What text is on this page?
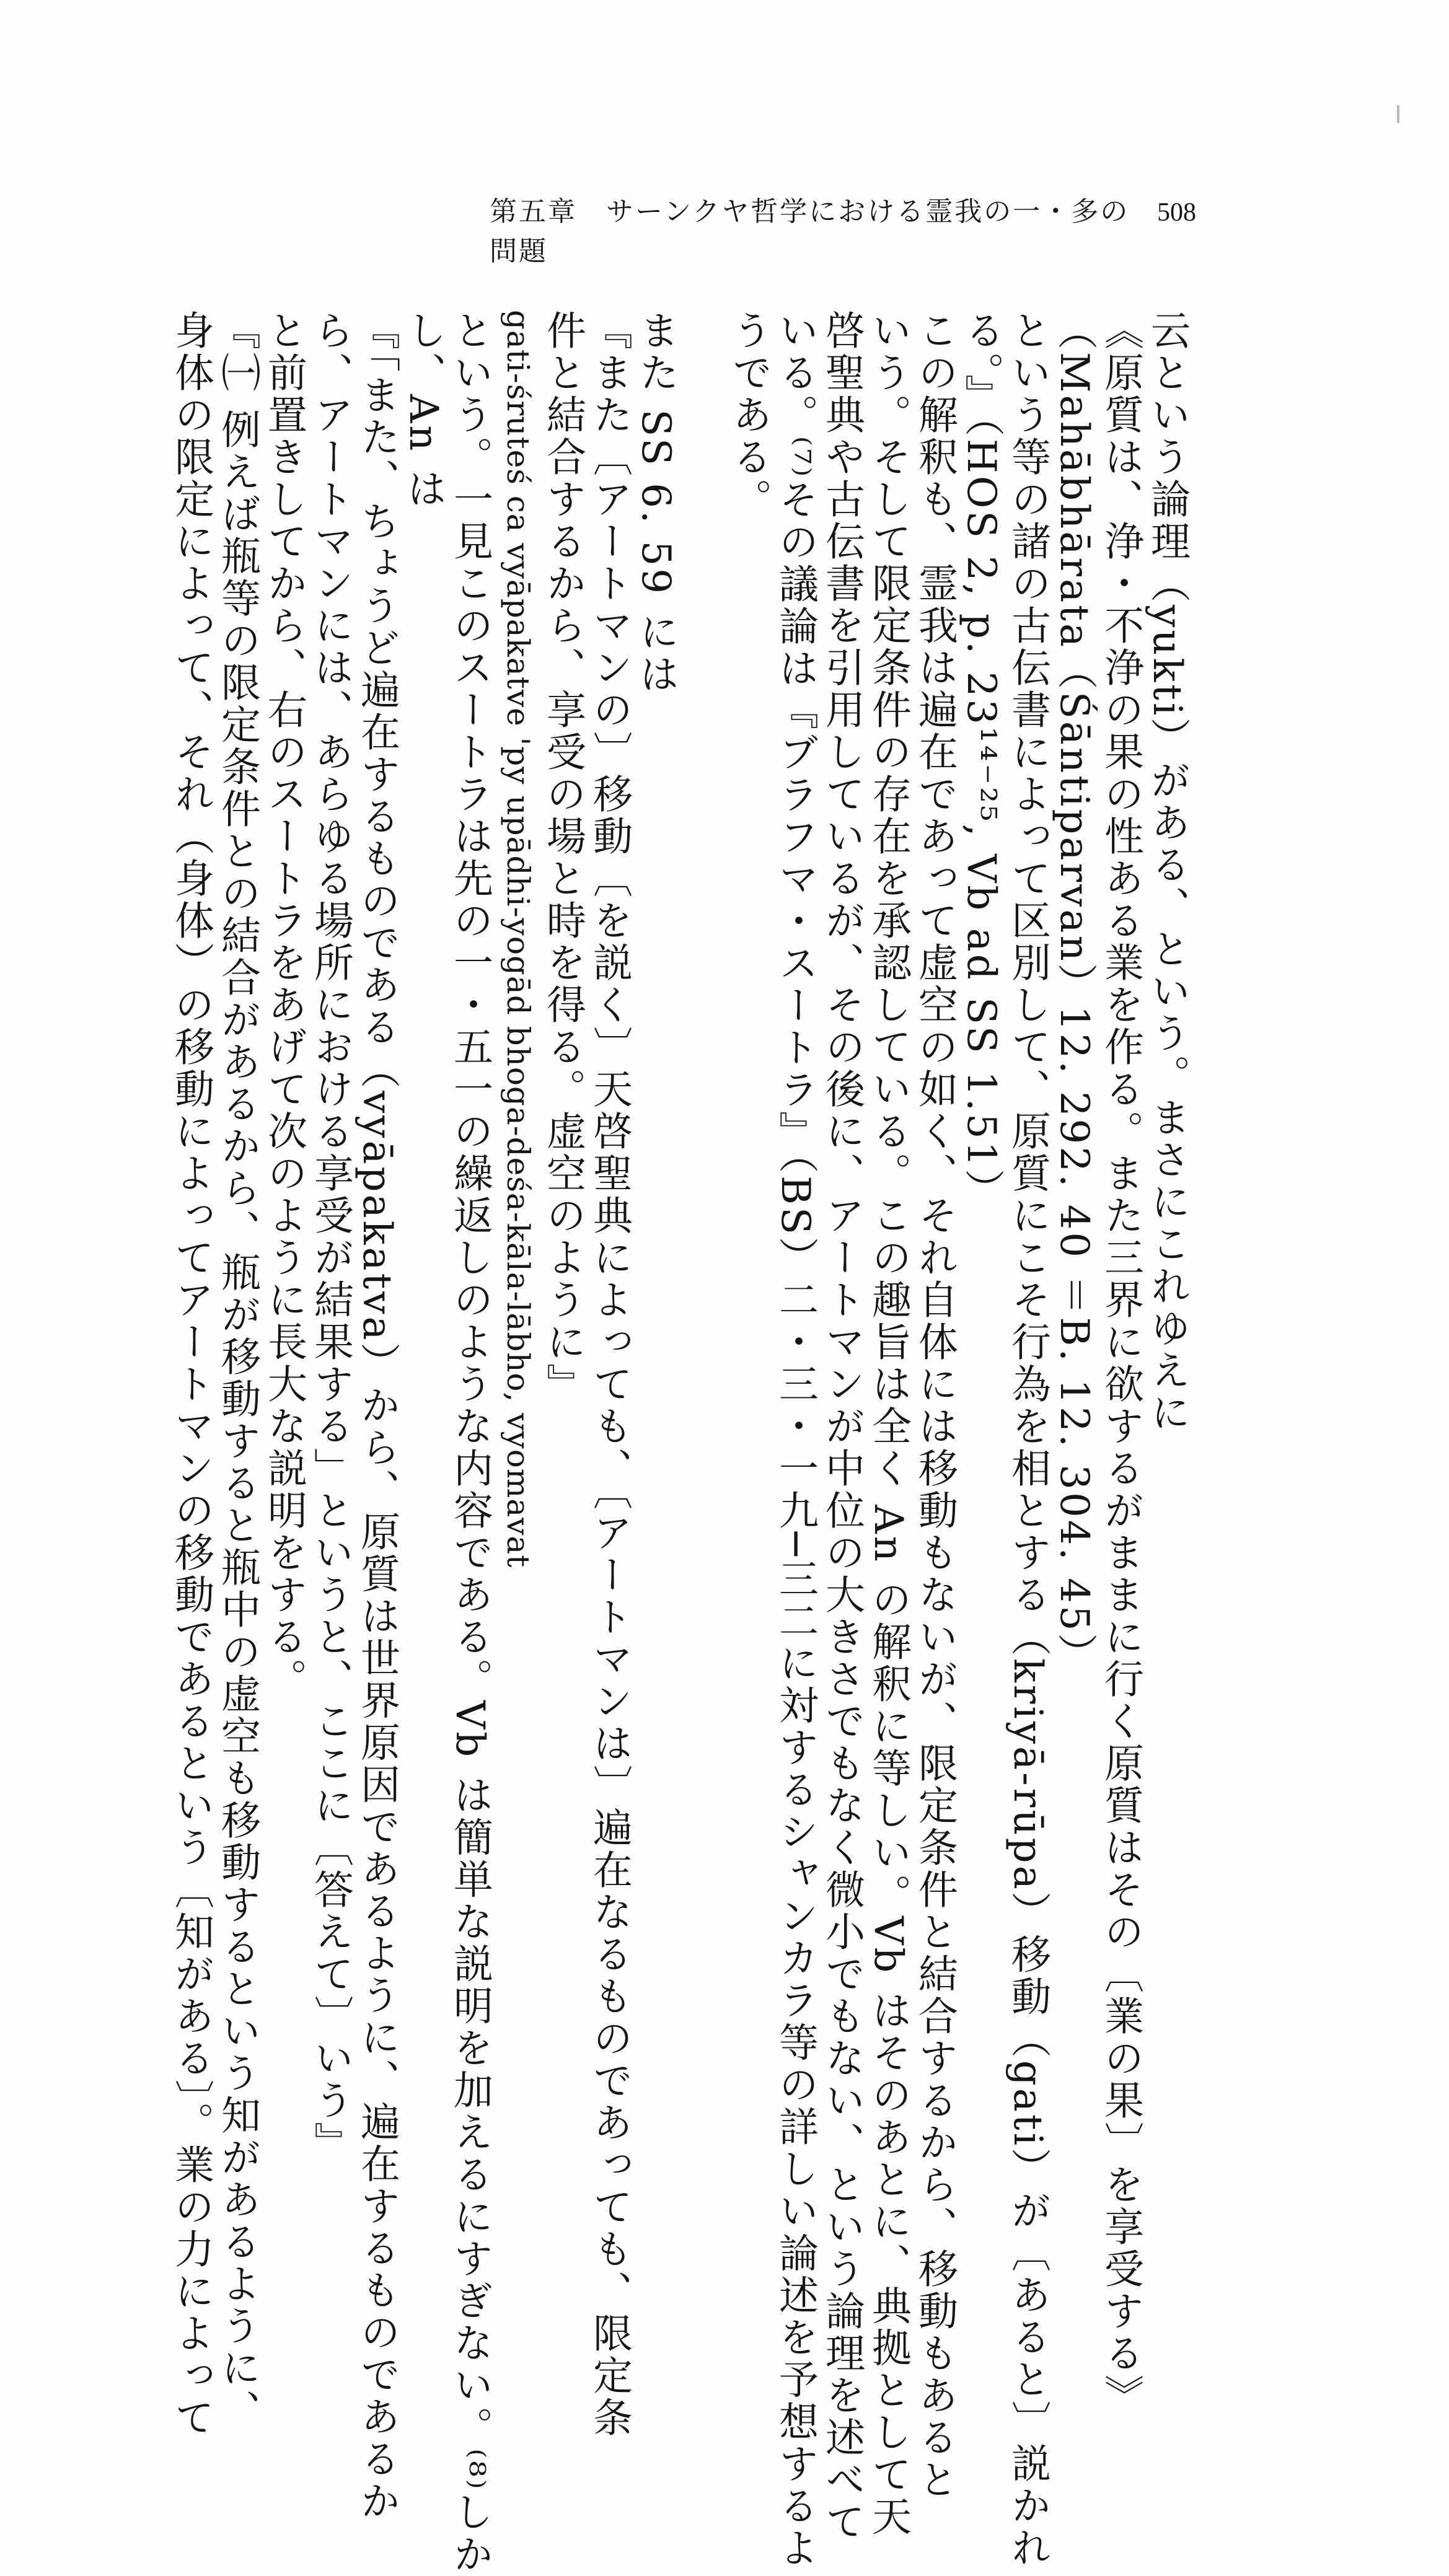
第五章　サーンクヤ哲学における霊我の一・多の問題
508
云という論理（yukti）がある、という。まさにこれゆえに
《原質は、浄・不浄の果の性ある業を作る。また三界に欲するがままに行く原質はその〔業の果〕を享受する》
（Mahābhārata（Śāntiparvan）12. 292. 40 ＝B. 12. 304. 45）
という等の諸の古伝書によって区別して、原質にこそ行為を相とする（kriyā-rūpa）移動（gati）が〔あると〕説かれ
る。』（HOS 2, p. 23¹⁴⁻²⁵, Vb ad SS 1.51）
この解釈も、霊我は遍在であって虚空の如く、それ自体には移動もないが、限定条件と結合するから、移動もあると
いう。そして限定条件の存在を承認している。この趣旨は全く An の解釈に等しい。Vb はそのあとに、典拠として天
啓聖典や古伝書を引用しているが、その後に、アートマンが中位の大きさでもなく微小でもない、という論理を述べて
いる。⁽⁷⁾その議論は『ブラフマ・スートラ』（BS）二・三・一九─三二に対するシャンカラ等の詳しい論述を予想するよ
うである。
また SS 6. 59 には
『また〔アートマンの〕移動〔を説く〕天啓聖典によっても、〔アートマンは〕遍在なるものであっても、限定条
件と結合するから、享受の場と時を得る。虚空のように』
gati-śruteś ca vyāpakatve 'py upādhi-yogād bhoga-deśa-kāla-lābho, vyomavat
という。一見このスートラは先の一・五一の繰返しのような内容である。Vb は簡単な説明を加えるにすぎない。⁽⁸⁾しか
し、An は
『「また、ちょうど遍在するものである（vyāpakatva）から、原質は世界原因であるように、遍在するものであるか
ら、アートマンには、あらゆる場所における享受が結果する」というと、ここに〔答えて〕いう』
と前置きしてから、右のスートラをあげて次のように長大な説明をする。
『㈠ 例えば瓶等の限定条件との結合があるから、瓶が移動すると瓶中の虚空も移動するという知があるように、
身体の限定によって、それ（身体）の移動によってアートマンの移動であるという〔知がある〕。業の力によって
